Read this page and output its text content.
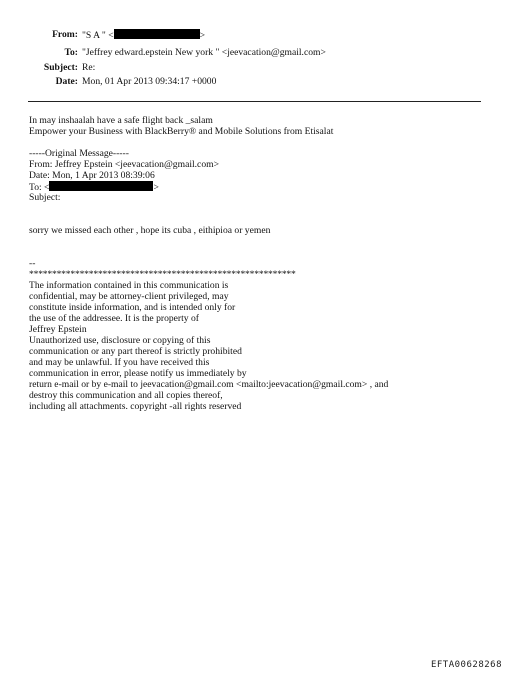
From: "S A " <	>
To: "Jeffrey edward.epstein New york " <jeevacation@gmail.com>
Subject: Re:
Date: Mon, 01 Apr 2013 09:34:17 +0000
In may inshaalah have a safe flight back _salam
Empower your Business with BlackBerry® and Mobile Solutions from Etisalat
-----Original Message-----
From: Jeffrey Epstein <jeevacation@gmail.com>
Date: Mon, 1 Apr 2013 08:39:06
To: <	>
Subject:
sorry we missed each other , hope its cuba , eithipioa or yemen
--
**********************************************************
The information contained in this communication is
confidential, may be attorney-client privileged, may
constitute inside information, and is intended only for
the use of the addressee. It is the property of
Jeffrey Epstein
Unauthorized use, disclosure or copying of this
communication or any part thereof is strictly prohibited
and may be unlawful. If you have received this
communication in error, please notify us immediately by
return e-mail or by e-mail to jeevacation@gmail.com <mailto:jeevacation@gmail.com> , and
destroy this communication and all copies thereof,
including all attachments. copyright -all rights reserved
EFTA00628268
